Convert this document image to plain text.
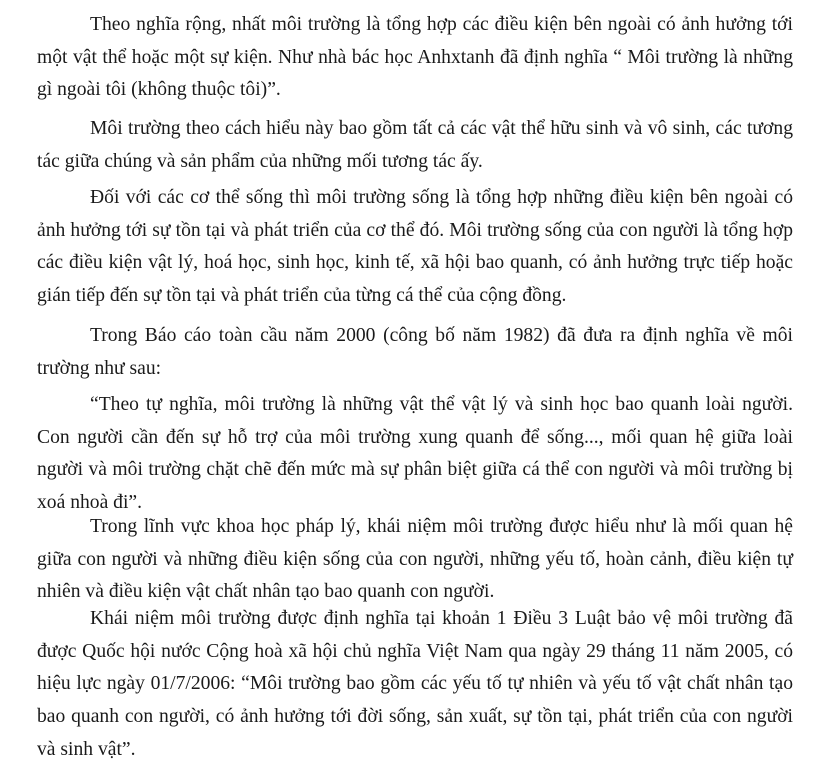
Theo nghĩa rộng, nhất môi trường là tổng hợp các điều kiện bên ngoài có ảnh hưởng tới một vật thể hoặc một sự kiện. Như nhà bác học Anhxtanh đã định nghĩa “ Môi trường là những gì ngoài tôi (không thuộc tôi)”.

Môi trường theo cách hiểu này bao gồm tất cả các vật thể hữu sinh và vô sinh, các tương tác giữa chúng và sản phẩm của những mối tương tác ấy.

Đối với các cơ thể sống thì môi trường sống là tổng hợp những điều kiện bên ngoài có ảnh hưởng tới sự tồn tại và phát triển của cơ thể đó. Môi trường sống của con người là tổng hợp các điều kiện vật lý, hoá học, sinh học, kinh tế, xã hội bao quanh, có ảnh hưởng trực tiếp hoặc gián tiếp đến sự tồn tại và phát triển của từng cá thể của cộng đồng.

Trong Báo cáo toàn cầu năm 2000 (công bố năm 1982) đã đưa ra định nghĩa về môi trường như sau:

“Theo tự nghĩa, môi trường là những vật thể vật lý và sinh học bao quanh loài người. Con người cần đến sự hỗ trợ của môi trường xung quanh để sống..., mối quan hệ giữa loài người và môi trường chặt chẽ đến mức mà sự phân biệt giữa cá thể con người và môi trường bị xoá nhoà đi”.

Trong lĩnh vực khoa học pháp lý, khái niệm môi trường được hiểu như là mối quan hệ giữa con người và những điều kiện sống của con người, những yếu tố, hoàn cảnh, điều kiện tự nhiên và điều kiện vật chất nhân tạo bao quanh con người.

Khái niệm môi trường được định nghĩa tại khoản 1 Điều 3 Luật bảo vệ môi trường đã được Quốc hội nước Cộng hoà xã hội chủ nghĩa Việt Nam qua ngày 29 tháng 11 năm 2005, có hiệu lực ngày 01/7/2006: “Môi trường bao gồm các yếu tố tự nhiên và yếu tố vật chất nhân tạo bao quanh con người, có ảnh hưởng tới đời sống, sản xuất, sự tồn tại, phát triển của con người và sinh vật”.
